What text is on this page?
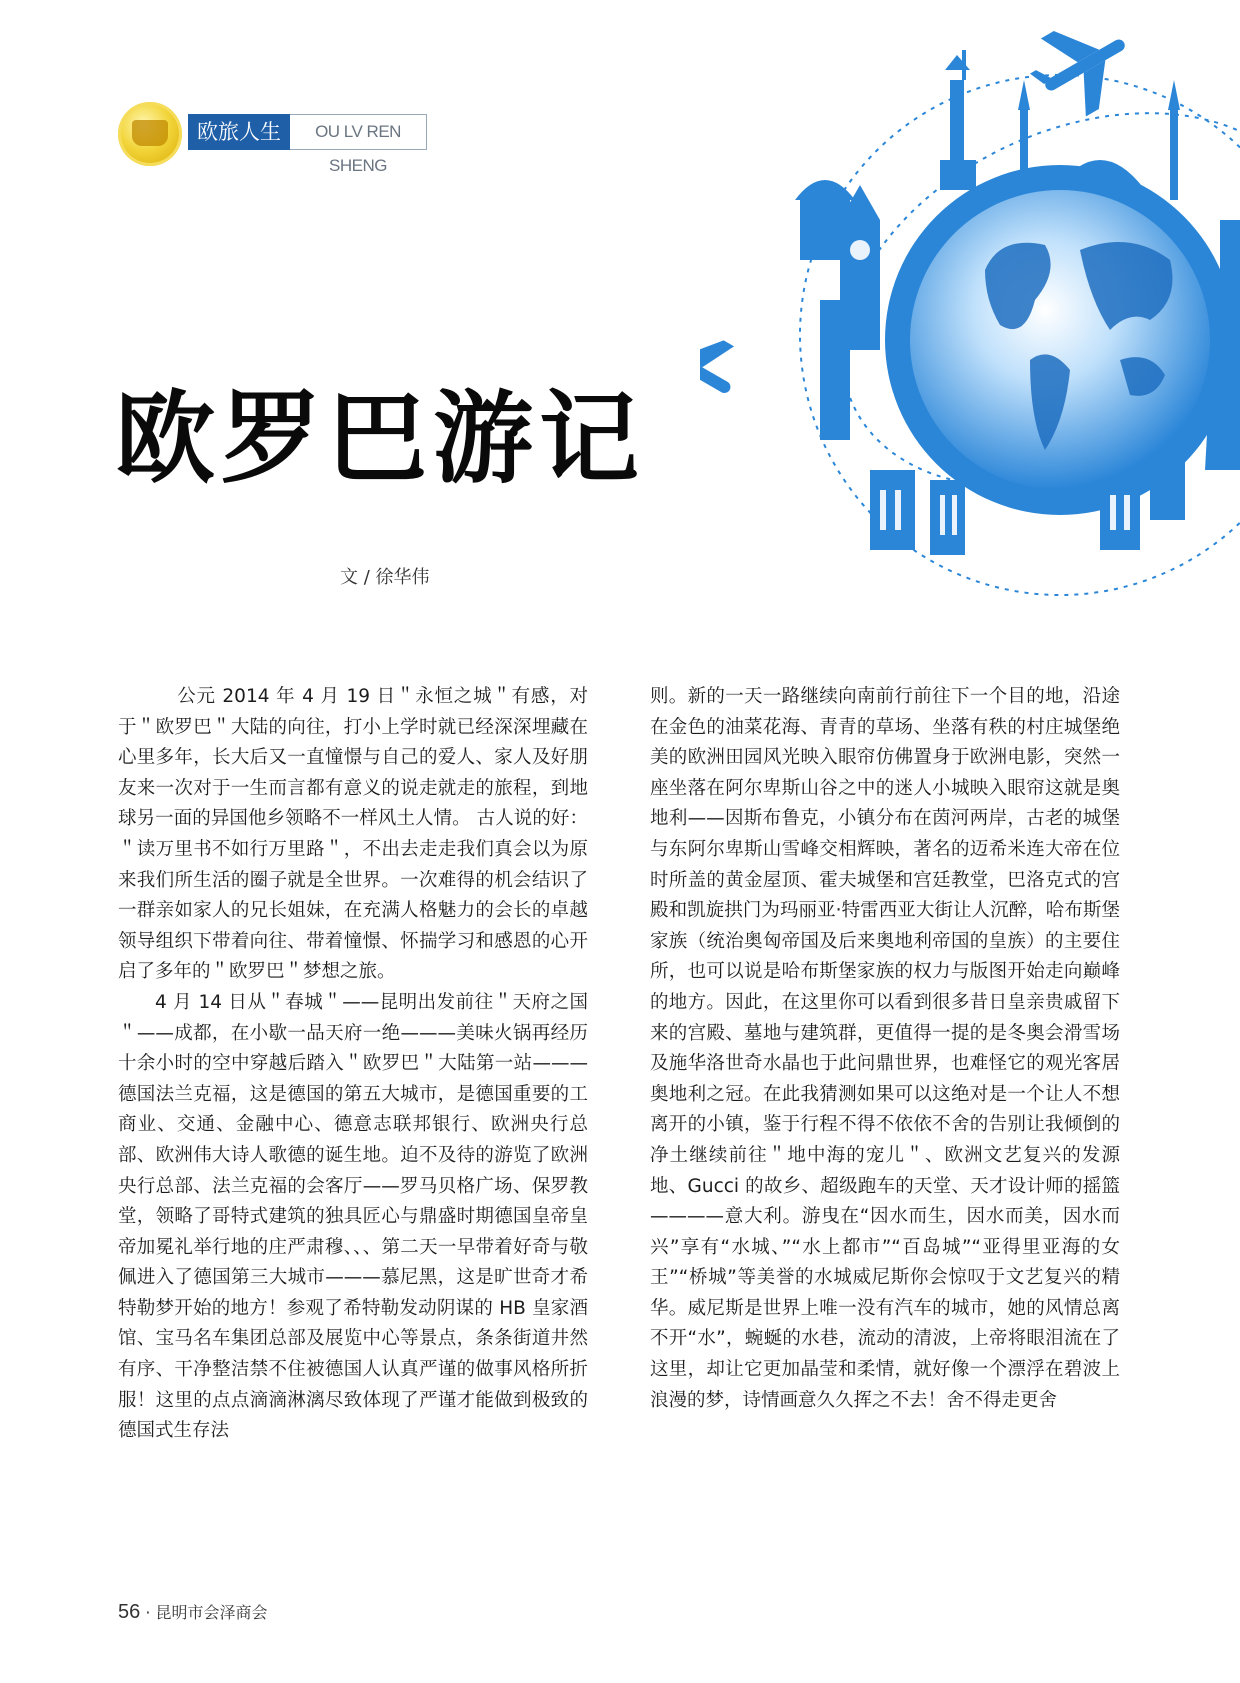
欧旅人生	OU LV REN SHENG
欧罗巴游记
文 / 徐华伟

公元 2014 年 4 月 19 日＂永恒之城＂有感，对于＂欧罗巴＂大陆的向往，打小上学时就已经深深埋藏在心里多年，长大后又一直憧憬与自己的爱人、家人及好朋友来一次对于一生而言都有意义的说走就走的旅程，到地球另一面的异国他乡领略不一样风土人情。 古人说的好：＂读万里书不如行万里路＂，不出去走走我们真会以为原来我们所生活的圈子就是全世界。一次难得的机会结识了一群亲如家人的兄长姐妹，在充满人格魅力的会长的卓越领导组织下带着向往、带着憧憬、怀揣学习和感恩的心开启了多年的＂欧罗巴＂梦想之旅。

4 月 14 日从＂春城＂——昆明出发前往＂天府之国＂——成都，在小歇一品天府一绝———美味火锅再经历十余小时的空中穿越后踏入＂欧罗巴＂大陆第一站———德国法兰克福，这是德国的第五大城市，是德国重要的工商业、交通、金融中心、德意志联邦银行、欧洲央行总部、欧洲伟大诗人歌德的诞生地。迫不及待的游览了欧洲央行总部、法兰克福的会客厅——罗马贝格广场、保罗教堂，领略了哥特式建筑的独具匠心与鼎盛时期德国皇帝皇帝加冕礼举行地的庄严肃穆、、、第二天一早带着好奇与敬佩进入了德国第三大城市———慕尼黑，这是旷世奇才希特勒梦开始的地方！参观了希特勒发动阴谋的 HB 皇家酒馆、宝马名车集团总部及展览中心等景点，条条街道井然有序、干净整洁禁不住被德国人认真严谨的做事风格所折服！这里的点点滴滴淋漓尽致体现了严谨才能做到极致的德国式生存法

则。新的一天一路继续向南前行前往下一个目的地，沿途在金色的油菜花海、青青的草场、坐落有秩的村庄城堡绝美的欧洲田园风光映入眼帘仿佛置身于欧洲电影，突然一座坐落在阿尔卑斯山谷之中的迷人小城映入眼帘这就是奥地利——因斯布鲁克，小镇分布在茵河两岸，古老的城堡与东阿尔卑斯山雪峰交相辉映，著名的迈希米连大帝在位时所盖的黄金屋顶、霍夫城堡和宫廷教堂，巴洛克式的宫殿和凯旋拱门为玛丽亚·特雷西亚大街让人沉醉，哈布斯堡家族（统治奥匈帝国及后来奥地利帝国的皇族）的主要住所，也可以说是哈布斯堡家族的权力与版图开始走向巅峰的地方。因此，在这里你可以看到很多昔日皇亲贵戚留下来的宫殿、墓地与建筑群，更值得一提的是冬奥会滑雪场及施华洛世奇水晶也于此问鼎世界，也难怪它的观光客居奥地利之冠。在此我猜测如果可以这绝对是一个让人不想离开的小镇，鉴于行程不得不依依不舍的告别让我倾倒的净土继续前往＂地中海的宠儿＂、欧洲文艺复兴的发源地、Gucci 的故乡、超级跑车的天堂、天才设计师的摇篮————意大利。游曳在“因水而生，因水而美，因水而兴”享有“水城、”“水上都市”“百岛城”“亚得里亚海的女王”“桥城”等美誉的水城威尼斯你会惊叹于文艺复兴的精华。威尼斯是世界上唯一没有汽车的城市，她的风情总离不开“水”，蜿蜒的水巷，流动的清波，上帝将眼泪流在了这里，却让它更加晶莹和柔情，就好像一个漂浮在碧波上浪漫的梦，诗情画意久久挥之不去！舍不得走更舍

56 · 昆明市会泽商会
